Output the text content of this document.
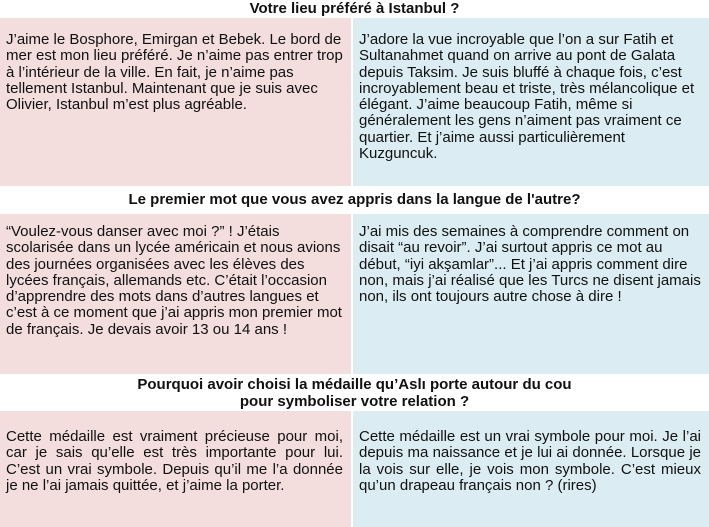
Votre lieu préféré à Istanbul ?
J’aime le Bosphore, Emirgan et Bebek. Le bord de mer est mon lieu préféré. Je n’aime pas entrer trop à l’intérieur de la ville. En fait, je n’aime pas tellement Istanbul. Maintenant que je suis avec Olivier, Istanbul m’est plus agréable.
J’adore la vue incroyable que l’on a sur Fatih et Sultanahmet quand on arrive au pont de Galata depuis Taksim. Je suis bluffé à chaque fois, c’est incroyablement beau et triste, très mélancolique et élégant. J’aime beaucoup Fatih, même si généralement les gens n’aiment pas vraiment ce quartier. Et j’aime aussi particulièrement Kuzguncuk.
Le premier mot que vous avez appris dans la langue de l'autre?
“Voulez-vous danser avec moi ?” ! J’étais scolarisée dans un lycée américain et nous avions des journées organisées avec les élèves des lycées français, allemands etc. C’était l’occasion d’apprendre des mots dans d’autres langues et c’est à ce moment que j’ai appris mon premier mot de français. Je devais avoir 13 ou 14 ans !
J’ai mis des semaines à comprendre comment on disait “au revoir”. J’ai surtout appris ce mot au début, “iyi akşamlar”... Et j’ai appris comment dire non, mais j’ai réalisé que les Turcs ne disent jamais non, ils ont toujours autre chose à dire !
Pourquoi avoir choisi la médaille qu’Aslı porte autour du cou
pour symboliser votre relation ?
Cette médaille est vraiment précieuse pour moi, car je sais qu’elle est très importante pour lui. C’est un vrai symbole. Depuis qu’il me l’a donnée je ne l’ai jamais quittée, et j’aime la porter.
Cette médaille est un vrai symbole pour moi. Je l’ai depuis ma naissance et je lui ai donnée. Lorsque je la vois sur elle, je vois mon symbole. C’est mieux qu’un drapeau français non ? (rires)
